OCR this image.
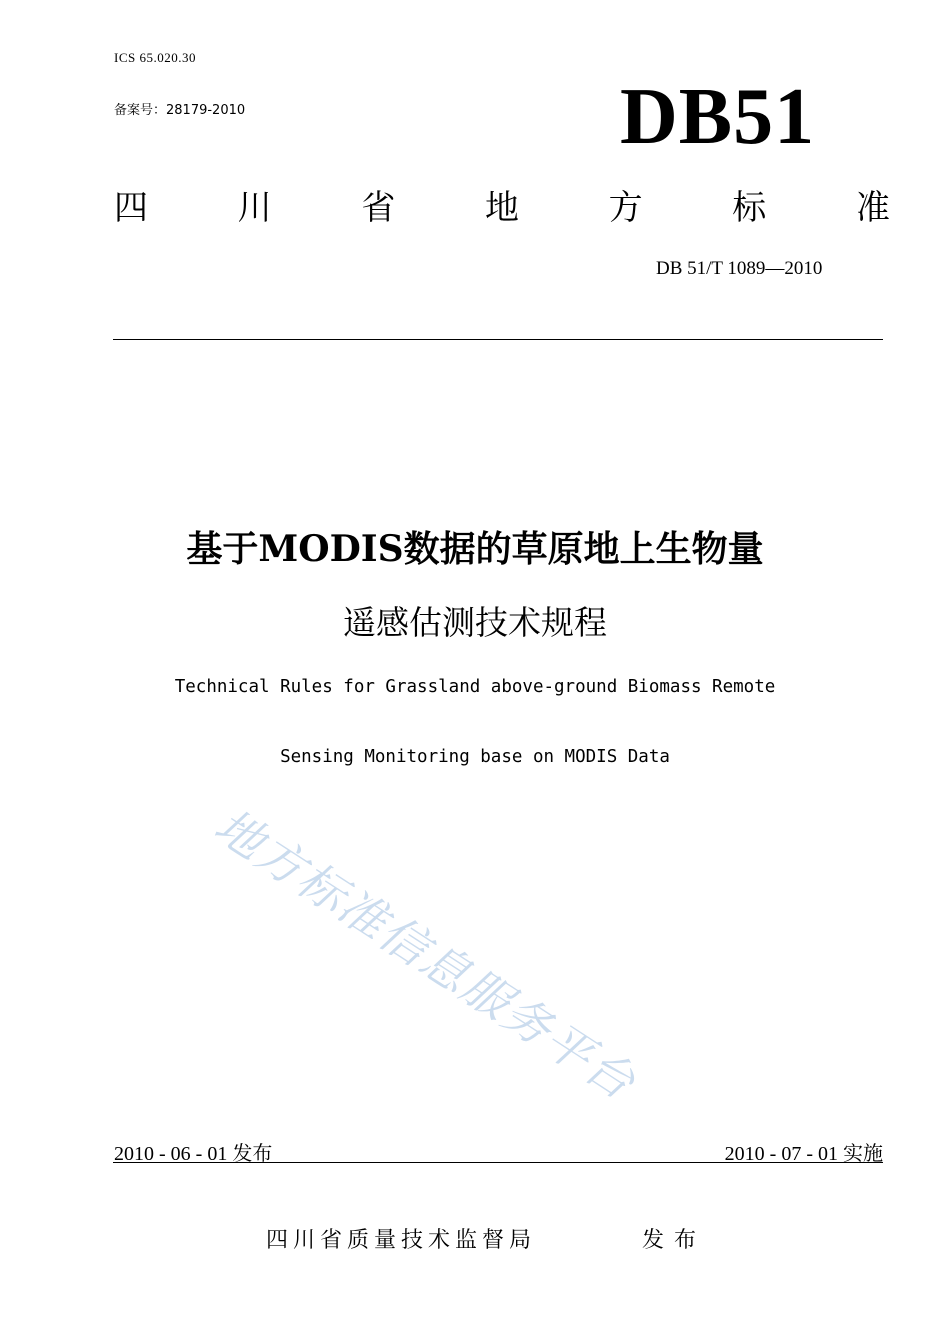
ICS 65.020.30
备案号：28179-2010	DB51
四	川	省	地	方	标	准
DB 51/T 1089—2010
基于MODIS数据的草原地上生物量
遥感估测技术规程
Technical Rules for Grassland above-ground Biomass Remote
Sensing Monitoring base on MODIS Data
地方标准信息服务平台
2010 - 06 - 01 发布	2010 - 07 - 01 实施
四川省质量技术监督局	发布
